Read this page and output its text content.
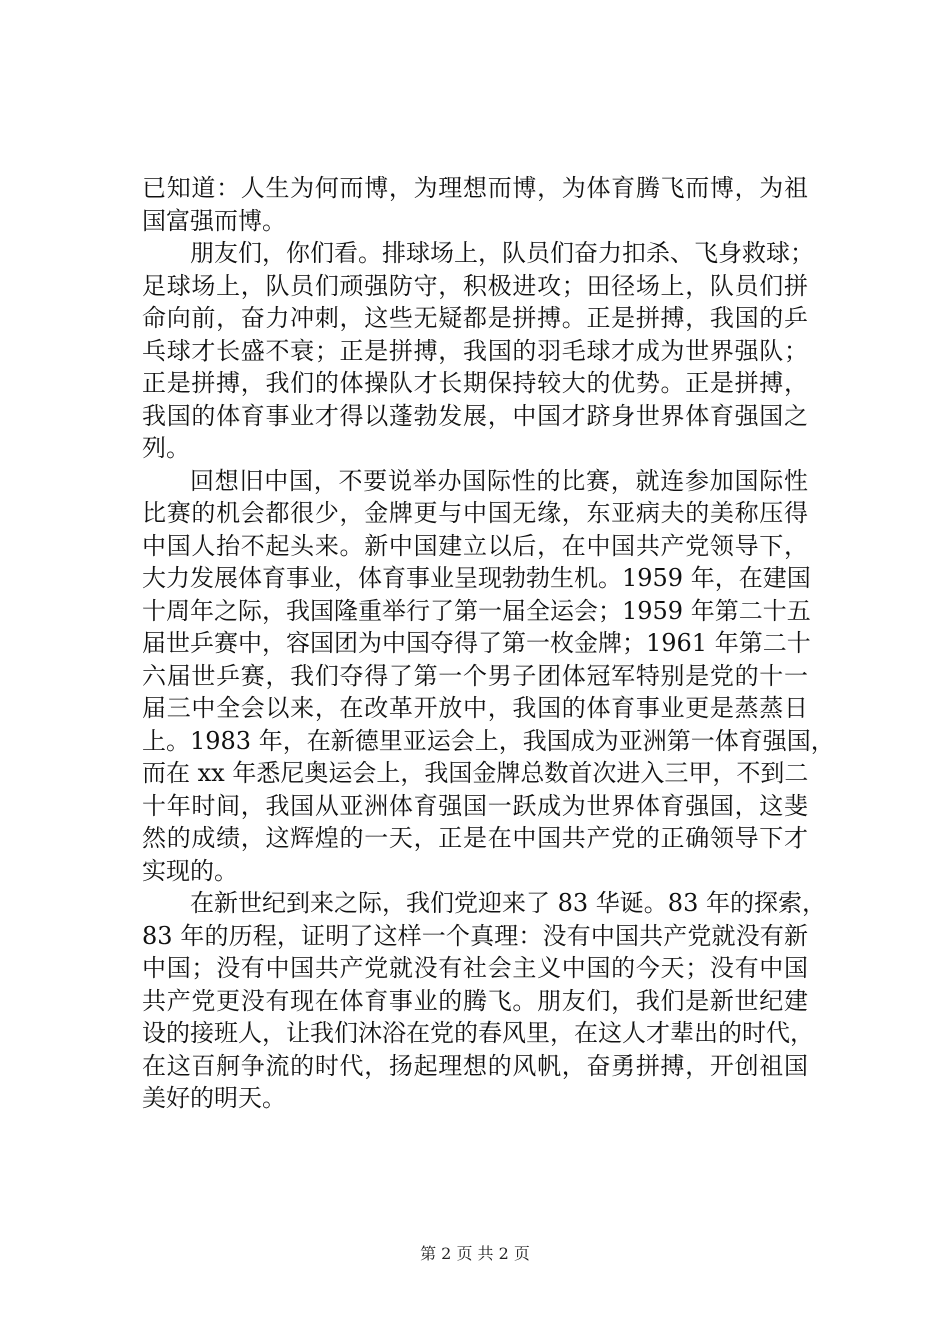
已知道：人生为何而博，为理想而博，为体育腾飞而博，为祖
国富强而博。
朋友们，你们看。排球场上，队员们奋力扣杀、飞身救球；
足球场上，队员们顽强防守，积极进攻；田径场上，队员们拼
命向前，奋力冲刺，这些无疑都是拼搏。正是拼搏，我国的乒
乓球才长盛不衰；正是拼搏，我国的羽毛球才成为世界强队；
正是拼搏，我们的体操队才长期保持较大的优势。正是拼搏，
我国的体育事业才得以蓬勃发展，中国才跻身世界体育强国之
列。
回想旧中国，不要说举办国际性的比赛，就连参加国际性
比赛的机会都很少，金牌更与中国无缘，东亚病夫的美称压得
中国人抬不起头来。新中国建立以后，在中国共产党领导下，
大力发展体育事业，体育事业呈现勃勃生机。1959 年，在建国
十周年之际，我国隆重举行了第一届全运会；1959 年第二十五
届世乒赛中，容国团为中国夺得了第一枚金牌；1961 年第二十
六届世乒赛，我们夺得了第一个男子团体冠军特别是党的十一
届三中全会以来，在改革开放中，我国的体育事业更是蒸蒸日
上。1983 年，在新德里亚运会上，我国成为亚洲第一体育强国，
而在 xx 年悉尼奥运会上，我国金牌总数首次进入三甲，不到二
十年时间，我国从亚洲体育强国一跃成为世界体育强国，这斐
然的成绩，这辉煌的一天，正是在中国共产党的正确领导下才
实现的。
在新世纪到来之际，我们党迎来了 83 华诞。83 年的探索，
83 年的历程，证明了这样一个真理：没有中国共产党就没有新
中国；没有中国共产党就没有社会主义中国的今天；没有中国
共产党更没有现在体育事业的腾飞。朋友们，我们是新世纪建
设的接班人，让我们沐浴在党的春风里，在这人才辈出的时代，
在这百舸争流的时代，扬起理想的风帆，奋勇拼搏，开创祖国
美好的明天。
第 2 页 共 2 页
